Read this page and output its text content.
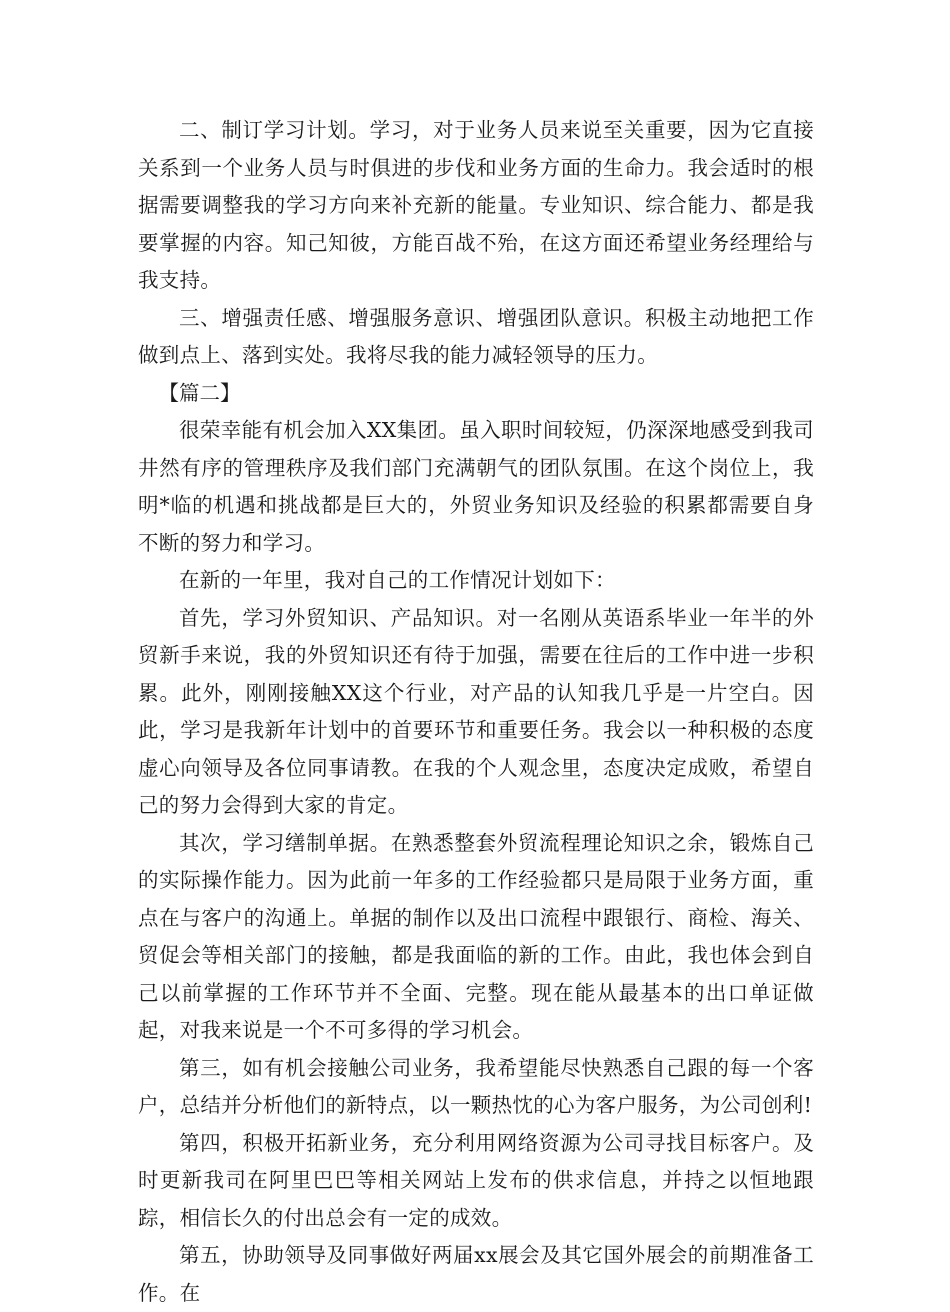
二、制订学习计划。学习，对于业务人员来说至关重要，因为它直接关系到一个业务人员与时俱进的步伐和业务方面的生命力。我会适时的根据需要调整我的学习方向来补充新的能量。专业知识、综合能力、都是我要掌握的内容。知己知彼，方能百战不殆，在这方面还希望业务经理给与我支持。

三、增强责任感、增强服务意识、增强团队意识。积极主动地把工作做到点上、落到实处。我将尽我的能力减轻领导的压力。

【篇二】

很荣幸能有机会加入XX集团。虽入职时间较短，仍深深地感受到我司井然有序的管理秩序及我们部门充满朝气的团队氛围。在这个岗位上，我明*临的机遇和挑战都是巨大的，外贸业务知识及经验的积累都需要自身不断的努力和学习。

在新的一年里，我对自己的工作情况计划如下：

首先，学习外贸知识、产品知识。对一名刚从英语系毕业一年半的外贸新手来说，我的外贸知识还有待于加强，需要在往后的工作中进一步积累。此外，刚刚接触XX这个行业，对产品的认知我几乎是一片空白。因此，学习是我新年计划中的首要环节和重要任务。我会以一种积极的态度虚心向领导及各位同事请教。在我的个人观念里，态度决定成败，希望自己的努力会得到大家的肯定。

其次，学习缮制单据。在熟悉整套外贸流程理论知识之余，锻炼自己的实际操作能力。因为此前一年多的工作经验都只是局限于业务方面，重点在与客户的沟通上。单据的制作以及出口流程中跟银行、商检、海关、贸促会等相关部门的接触，都是我面临的新的工作。由此，我也体会到自己以前掌握的工作环节并不全面、完整。现在能从最基本的出口单证做起，对我来说是一个不可多得的学习机会。

第三，如有机会接触公司业务，我希望能尽快熟悉自己跟的每一个客户，总结并分析他们的新特点，以一颗热忱的心为客户服务，为公司创利!

第四，积极开拓新业务，充分利用网络资源为公司寻找目标客户。及时更新我司在阿里巴巴等相关网站上发布的供求信息，并持之以恒地跟踪，相信长久的付出总会有一定的成效。

第五，协助领导及同事做好两届xx展会及其它国外展会的前期准备工作。在
